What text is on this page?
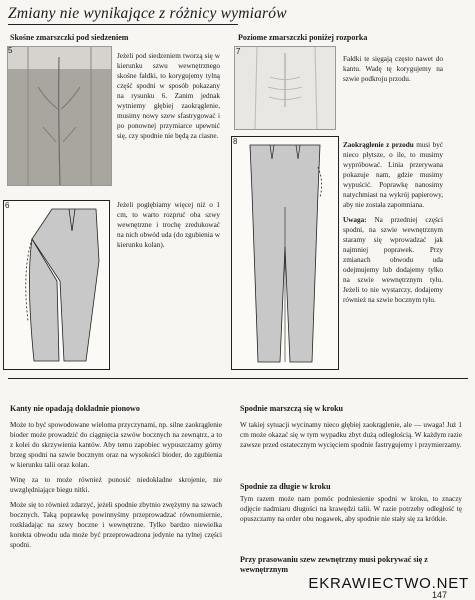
Zmiany nie wynikające z różnicy wymiarów
Skośne zmarszczki pod siedzeniem
5

Jeżeli pod siedzeniem tworzą się w kierunku szwu wewnętrznego skośne fałdki, to korygujemy tylną część spodni w sposób pokazany na rysunku 6. Zanim jednak wytniemy głębiej zaokrąglenie, musimy nowy szew sfastrygować i po ponownej przymiarce upewnić się, czy spodnie nie będą za ciasne.

6	Jeżeli pogłębiamy więcej niż o 1 cm, to warto rozpruć oba szwy wewnętrzne i trochę zredukować na nich obwód uda (do zgubienia w kierunku kolan).

Poziome zmarszczki poniżej rozporka
7

Fałdki te sięgają często nawet do kantu. Wadę tę korygujemy na szwie podkroju przodu.

8	Zaokrąglenie z przodu musi być nieco płytsze, o ile, to musimy wypróbować. Linia przerywana pokazuje nam, gdzie musimy wypuścić. Poprawkę nanosimy natychmiast na wykrój papierowy, aby nie została zapomniana.

Uwaga: Na przedniej części spodni, na szwie wewnętrznym staramy się wprowadzać jak najmniej poprawek. Przy zmianach obwodu uda odejmujemy lub dodajemy tylko na szwie wewnętrznym tyłu. Jeżeli to nie wystarczy, dodajemy również na szwie bocznym tyłu.

Kanty nie opadają dokładnie pionowo

Może to być spowodowane wieloma przyczynami, np. silne zaokrąglenie bioder może prowadzić do ciągnięcia szwów bocznych na zewnątrz, a to z kolei do skrzywienia kantów. Aby temu zapobiec wypuszczamy górny brzeg spodni na szwie bocznym oraz na wysokości bioder, do zgubienia w kierunku talii oraz kolan.

Winę za to może również ponosić niedokładne skrojenie, nie uwzględniające biegu nitki.

Może się to również zdarzyć, jeżeli spodnie zbytnio zwężymy na szwach bocznych. Taką poprawkę powinnyśmy przeprowadzać równomiernie, rozkładając na szwy boczne i wewnętrzne. Tylko bardzo niewielka korekta obwodu uda może być przeprowadzona jedynie na tylnej części spodni.

Spodnie marszczą się w kroku

W takiej sytuacji wycinamy nieco głębiej zaokrąglenie, ale — uwaga! Już 1 cm może okazać się w tym wypadku zbyt dużą odległością. W każdym razie zawsze przed ostatecznym wycięciem spodnie fastrygujemy i przymierzamy.

Spodnie za długie w kroku

Tym razem może nam pomóc podniesienie spodni w kroku, to znaczy odjęcie nadmiaru długości na krawędzi talii. W razie potrzeby odległość tę opuszczamy na order obu nogawek, aby spodnie nie stały się za krótkie.

Przy prasowaniu szew zewnętrzny musi pokrywać się z wewnętrznym
EKRAWIECTWO.NET
147
